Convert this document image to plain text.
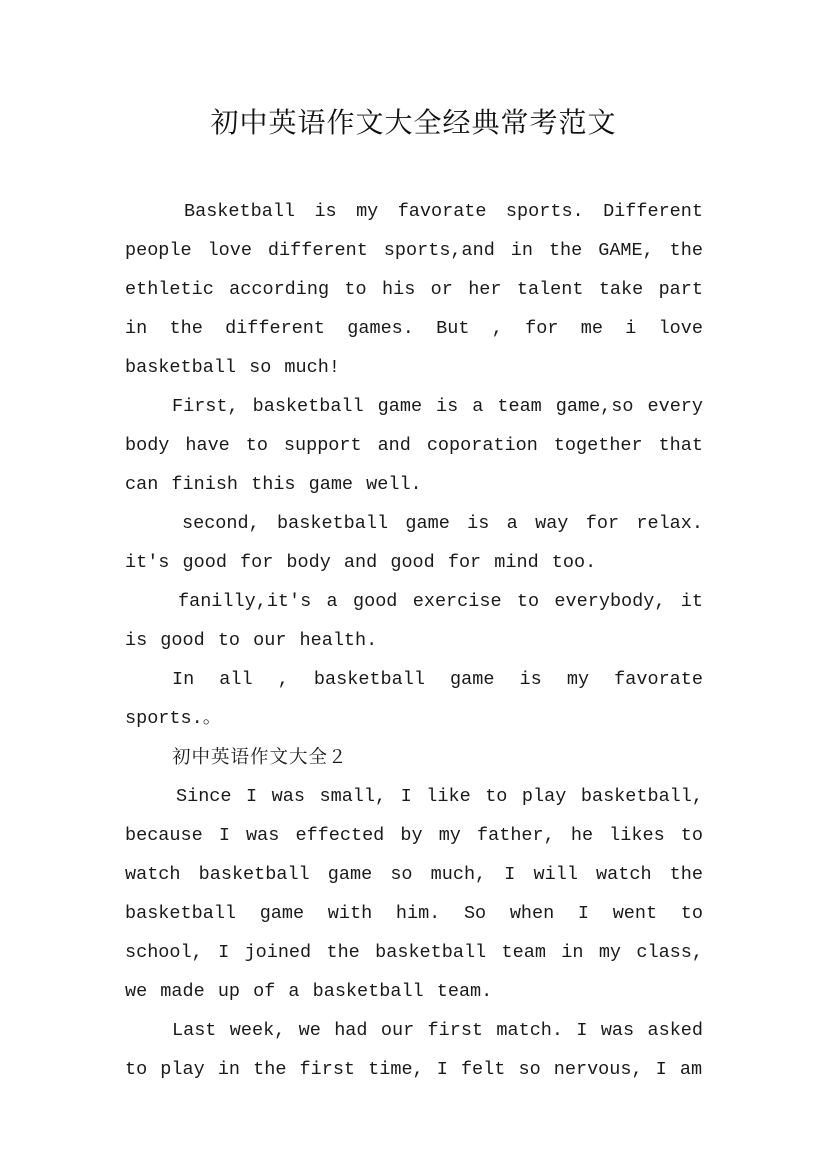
初中英语作文大全经典常考范文

Basketball is my favorate sports. Different people love different sports,and in the GAME, the ethletic according to his or her talent take part in the different games. But , for me i love basketball so much!

First, basketball game is a team game,so every body have to support and coporation together that can finish this game well.

second, basketball game is a way for relax. it's good for body and good for mind too.

fanilly,it's a good exercise to everybody, it is good to our health.

In all , basketball game is my favorate sports.。

初中英语作文大全２

Since I was small, I like to play basketball, because I was effected by my father, he likes to watch basketball game so much, I will watch the basketball game with him. So when I went to school, I joined the basketball team in my class, we made up of a basketball team.

Last week, we had our first match. I was asked to play in the first time, I felt so nervous, I am
